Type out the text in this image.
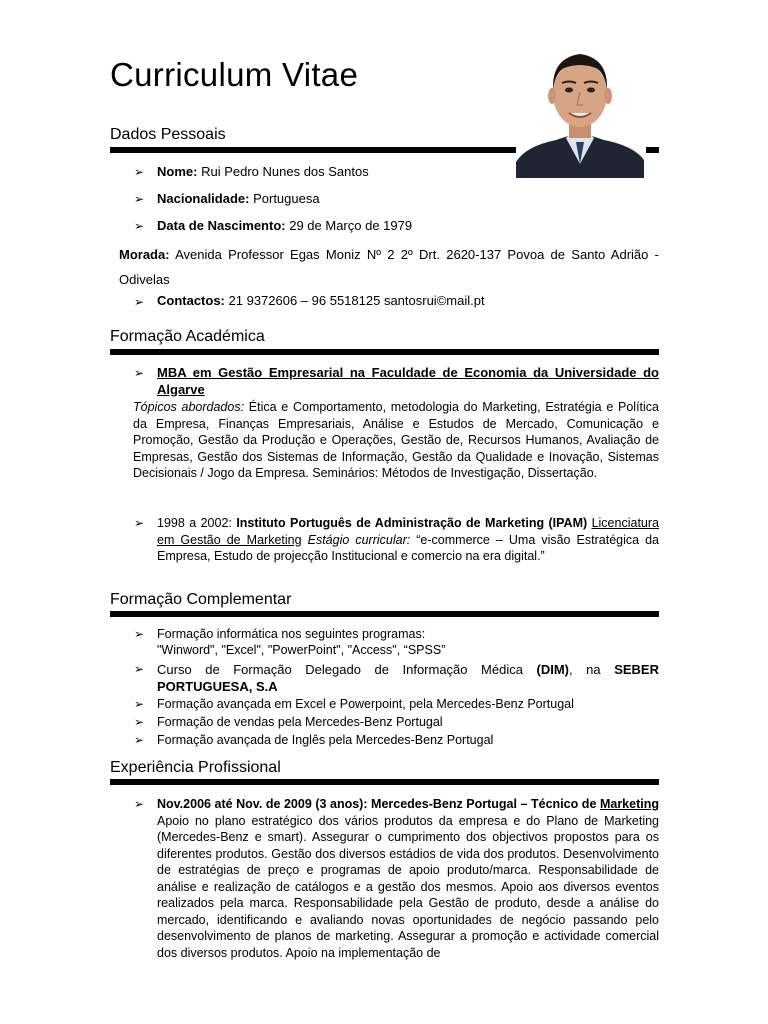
Curriculum Vitae
Dados Pessoais
➢ Nome: Rui Pedro Nunes dos Santos
➢ Nacionalidade: Portuguesa
➢ Data de Nascimento: 29 de Março de 1979
Morada: Avenida Professor Egas Moniz Nº 2 2º Drt. 2620-137 Povoa de Santo Adrião - Odivelas
➢ Contactos: 21 9372606 – 96 5518125 santosrui©mail.pt
Formação Académica
➢ MBA em Gestão Empresarial na Faculdade de Economia da Universidade do Algarve
Tópicos abordados: Ética e Comportamento, metodologia do Marketing, Estratégia e Política da Empresa, Finanças Empresariais, Análise e Estudos de Mercado, Comunicação e Promoção, Gestão da Produção e Operações, Gestão de, Recursos Humanos, Avaliação de Empresas, Gestão dos Sistemas de Informação, Gestão da Qualidade e Inovação, Sistemas Decisionais / Jogo da Empresa. Seminários: Métodos de Investigação, Dissertação.
➢ 1998 a 2002: Instituto Português de Administração de Marketing (IPAM) Licenciatura em Gestão de Marketing Estágio curricular: “e-commerce – Uma visão Estratégica da Empresa, Estudo de projecção Institucional e comercio na era digital.”
Formação Complementar
➢ Formação informática nos seguintes programas:
"Winword", "Excel", "PowerPoint", "Access", “SPSS”
➢ Curso de Formação Delegado de Informação Médica (DIM), na SEBER PORTUGUESA, S.A
➢ Formação avançada em Excel e Powerpoint, pela Mercedes-Benz Portugal
➢ Formação de vendas pela Mercedes-Benz Portugal
➢ Formação avançada de Inglês pela Mercedes-Benz Portugal
Experiência Profissional
➢ Nov.2006 até Nov. de 2009 (3 anos): Mercedes-Benz Portugal – Técnico de Marketing Apoio no plano estratégico dos vários produtos da empresa e do Plano de Marketing (Mercedes-Benz e smart). Assegurar o cumprimento dos objectivos propostos para os diferentes produtos. Gestão dos diversos estádios de vida dos produtos. Desenvolvimento de estratégias de preço e programas de apoio produto/marca. Responsabilidade de análise e realização de catálogos e a gestão dos mesmos. Apoio aos diversos eventos realizados pela marca. Responsabilidade pela Gestão de produto, desde a análise do mercado, identificando e avaliando novas oportunidades de negócio passando pelo desenvolvimento de planos de marketing. Assegurar a promoção e actividade comercial dos diversos produtos. Apoio na implementação de
